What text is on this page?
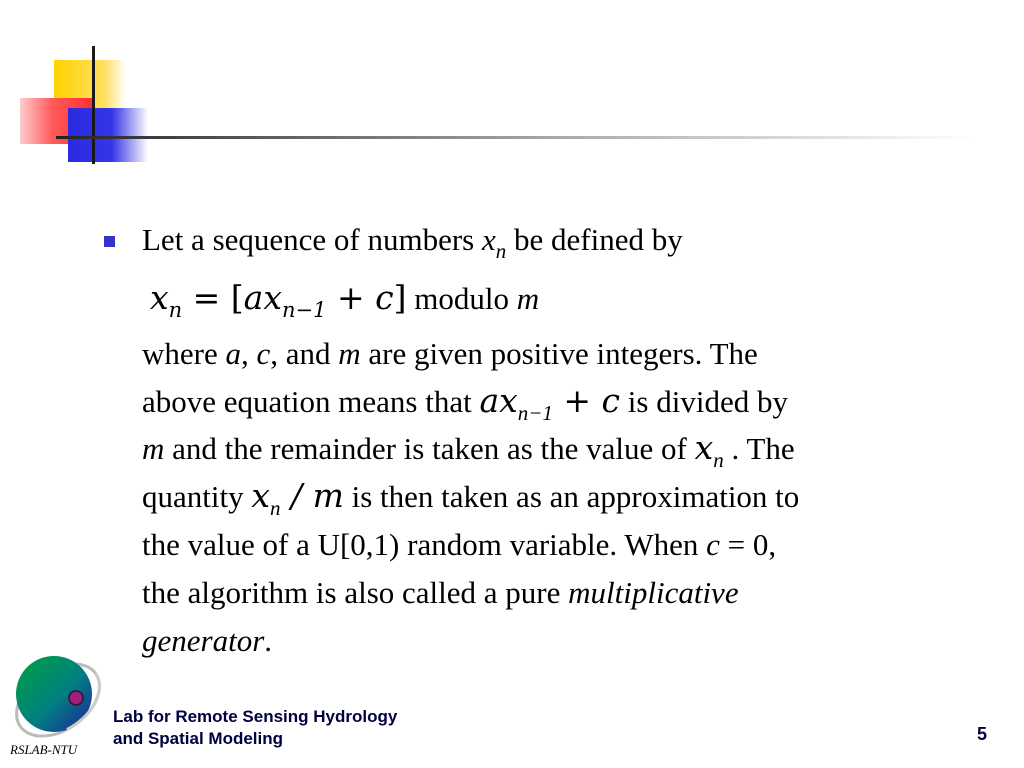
Let a sequence of numbers $x_n$ be defined by
$x_n = [ax_{n-1} + c]$ modulo m
where a, c, and m are given positive integers. The
above equation means that $ax_{n-1} + c$ is divided by
m and the remainder is taken as the value of $x_n$ . The
quantity $x_n$ / m is then taken as an approximation to
the value of a U[0,1) random variable. When c = 0,
the algorithm is also called a pure multiplicative
generator.
RSLAB-NTU
Lab for Remote Sensing Hydrology
and Spatial Modeling	5
